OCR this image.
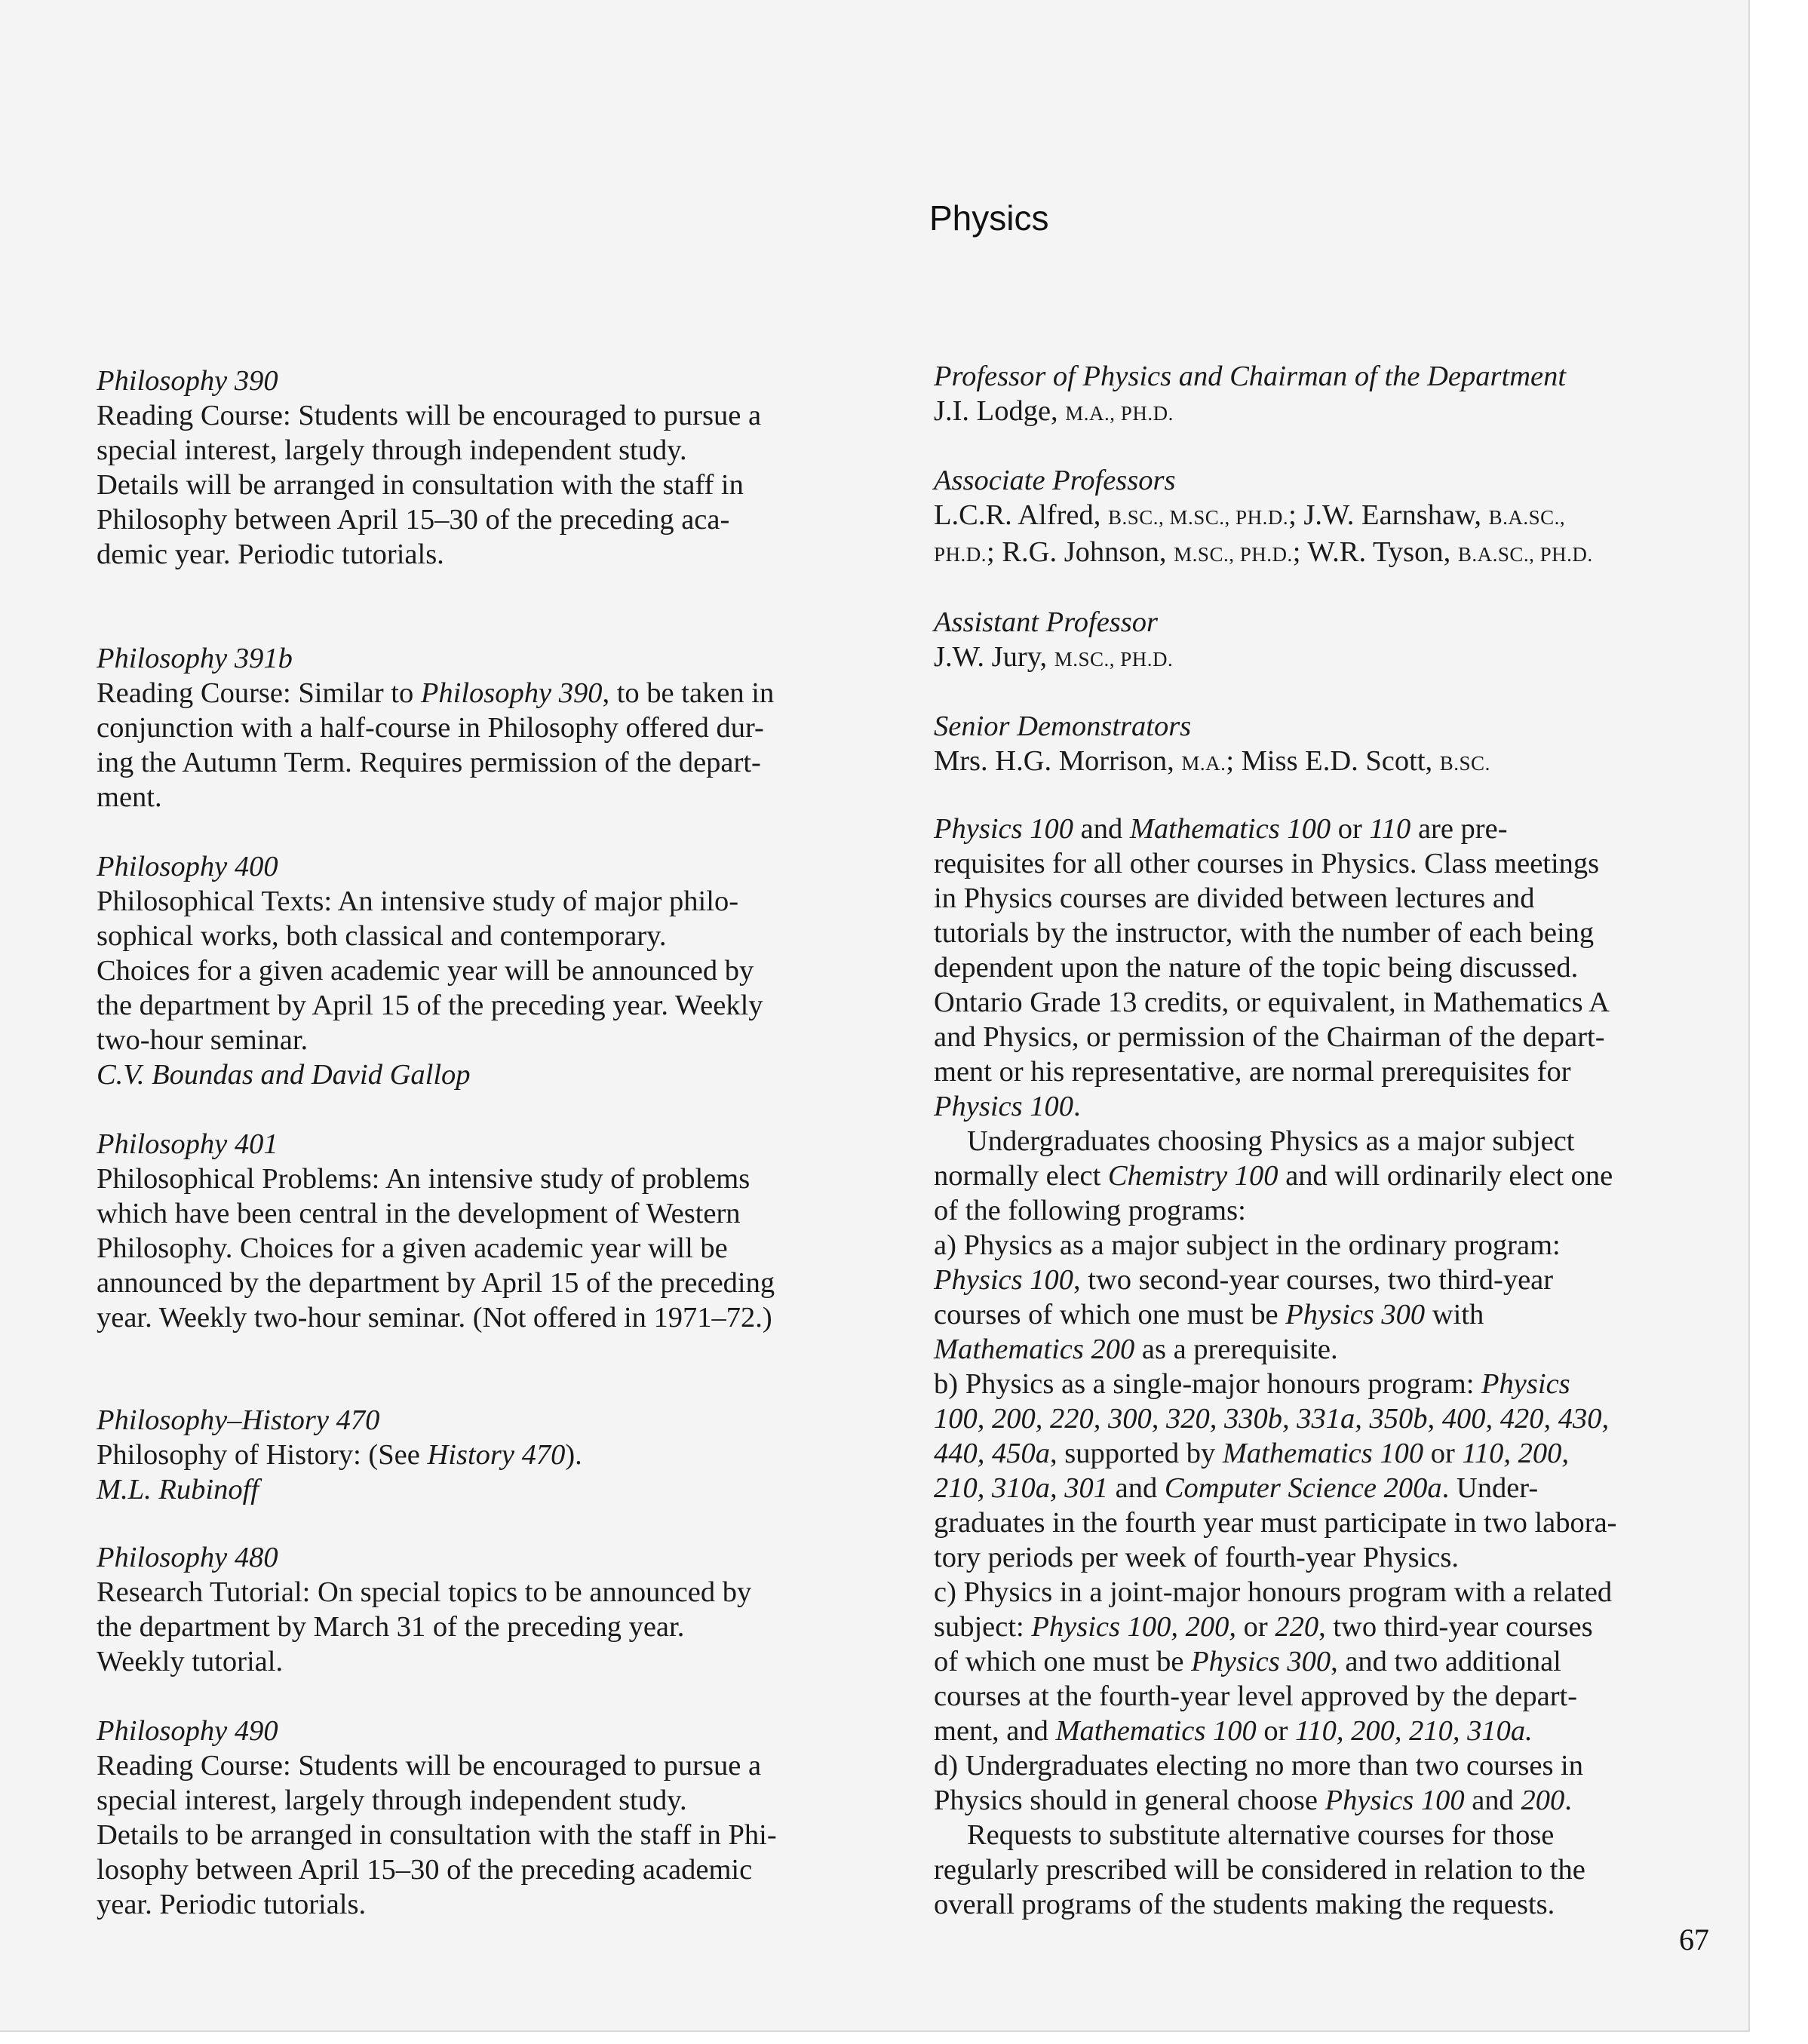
Physics
Philosophy 390
Reading Course: Students will be encouraged to pursue a
special interest, largely through independent study.
Details will be arranged in consultation with the staff in
Philosophy between April 15–30 of the preceding aca-
demic year. Periodic tutorials.
Philosophy 391b
Reading Course: Similar to Philosophy 390, to be taken in
conjunction with a half-course in Philosophy offered dur-
ing the Autumn Term. Requires permission of the depart-
ment.
Philosophy 400
Philosophical Texts: An intensive study of major philo-
sophical works, both classical and contemporary.
Choices for a given academic year will be announced by
the department by April 15 of the preceding year. Weekly
two-hour seminar.
C.V. Boundas and David Gallop
Philosophy 401
Philosophical Problems: An intensive study of problems
which have been central in the development of Western
Philosophy. Choices for a given academic year will be
announced by the department by April 15 of the preceding
year. Weekly two-hour seminar. (Not offered in 1971–72.)
Philosophy–History 470
Philosophy of History: (See History 470).
M.L. Rubinoff
Philosophy 480
Research Tutorial: On special topics to be announced by
the department by March 31 of the preceding year.
Weekly tutorial.
Philosophy 490
Reading Course: Students will be encouraged to pursue a
special interest, largely through independent study.
Details to be arranged in consultation with the staff in Phi-
losophy between April 15–30 of the preceding academic
year. Periodic tutorials.
Professor of Physics and Chairman of the Department
J.I. Lodge, M.A., PH.D.
Associate Professors
L.C.R. Alfred, B.SC., M.SC., PH.D.; J.W. Earnshaw, B.A.SC.,
PH.D.; R.G. Johnson, M.SC., PH.D.; W.R. Tyson, B.A.SC., PH.D.
Assistant Professor
J.W. Jury, M.SC., PH.D.
Senior Demonstrators
Mrs. H.G. Morrison, M.A.; Miss E.D. Scott, B.SC.
Physics 100 and Mathematics 100 or 110 are pre-
requisites for all other courses in Physics. Class meetings
in Physics courses are divided between lectures and
tutorials by the instructor, with the number of each being
dependent upon the nature of the topic being discussed.
Ontario Grade 13 credits, or equivalent, in Mathematics A
and Physics, or permission of the Chairman of the depart-
ment or his representative, are normal prerequisites for
Physics 100.
Undergraduates choosing Physics as a major subject
normally elect Chemistry 100 and will ordinarily elect one
of the following programs:
a) Physics as a major subject in the ordinary program:
Physics 100, two second-year courses, two third-year
courses of which one must be Physics 300 with
Mathematics 200 as a prerequisite.
b) Physics as a single-major honours program: Physics
100, 200, 220, 300, 320, 330b, 331a, 350b, 400, 420, 430,
440, 450a, supported by Mathematics 100 or 110, 200,
210, 310a, 301 and Computer Science 200a. Under-
graduates in the fourth year must participate in two labora-
tory periods per week of fourth-year Physics.
c) Physics in a joint-major honours program with a related
subject: Physics 100, 200, or 220, two third-year courses
of which one must be Physics 300, and two additional
courses at the fourth-year level approved by the depart-
ment, and Mathematics 100 or 110, 200, 210, 310a.
d) Undergraduates electing no more than two courses in
Physics should in general choose Physics 100 and 200.
Requests to substitute alternative courses for those
regularly prescribed will be considered in relation to the
overall programs of the students making the requests.
67
